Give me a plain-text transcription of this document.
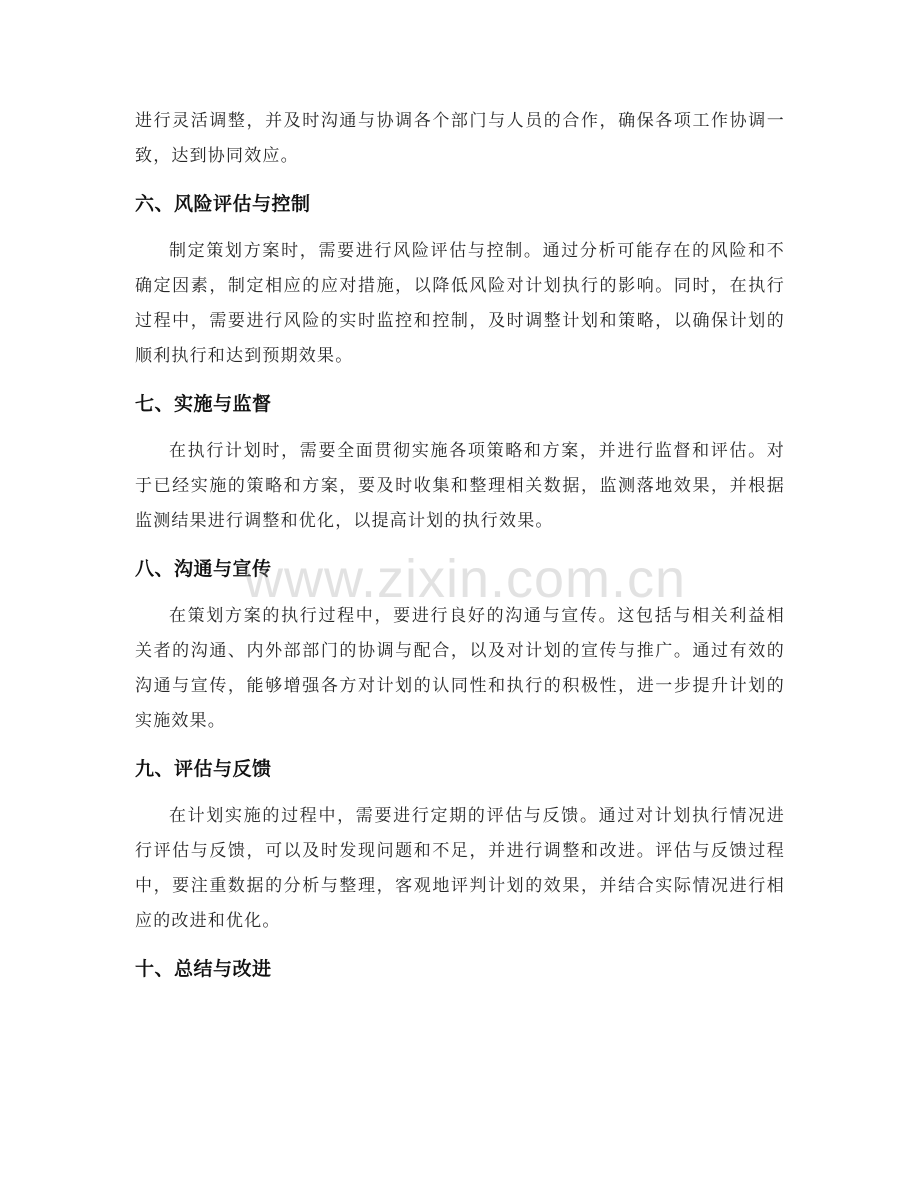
进行灵活调整，并及时沟通与协调各个部门与人员的合作，确保各项工作协调一致，达到协同效应。

六、风险评估与控制

制定策划方案时，需要进行风险评估与控制。通过分析可能存在的风险和不确定因素，制定相应的应对措施，以降低风险对计划执行的影响。同时，在执行过程中，需要进行风险的实时监控和控制，及时调整计划和策略，以确保计划的顺利执行和达到预期效果。

七、实施与监督

在执行计划时，需要全面贯彻实施各项策略和方案，并进行监督和评估。对于已经实施的策略和方案，要及时收集和整理相关数据，监测落地效果，并根据监测结果进行调整和优化，以提高计划的执行效果。

八、沟通与宣传

在策划方案的执行过程中，要进行良好的沟通与宣传。这包括与相关利益相关者的沟通、内外部部门的协调与配合，以及对计划的宣传与推广。通过有效的沟通与宣传，能够增强各方对计划的认同性和执行的积极性，进一步提升计划的实施效果。

九、评估与反馈

在计划实施的过程中，需要进行定期的评估与反馈。通过对计划执行情况进行评估与反馈，可以及时发现问题和不足，并进行调整和改进。评估与反馈过程中，要注重数据的分析与整理，客观地评判计划的效果，并结合实际情况进行相应的改进和优化。

十、总结与改进
www.zixin.com.cn
